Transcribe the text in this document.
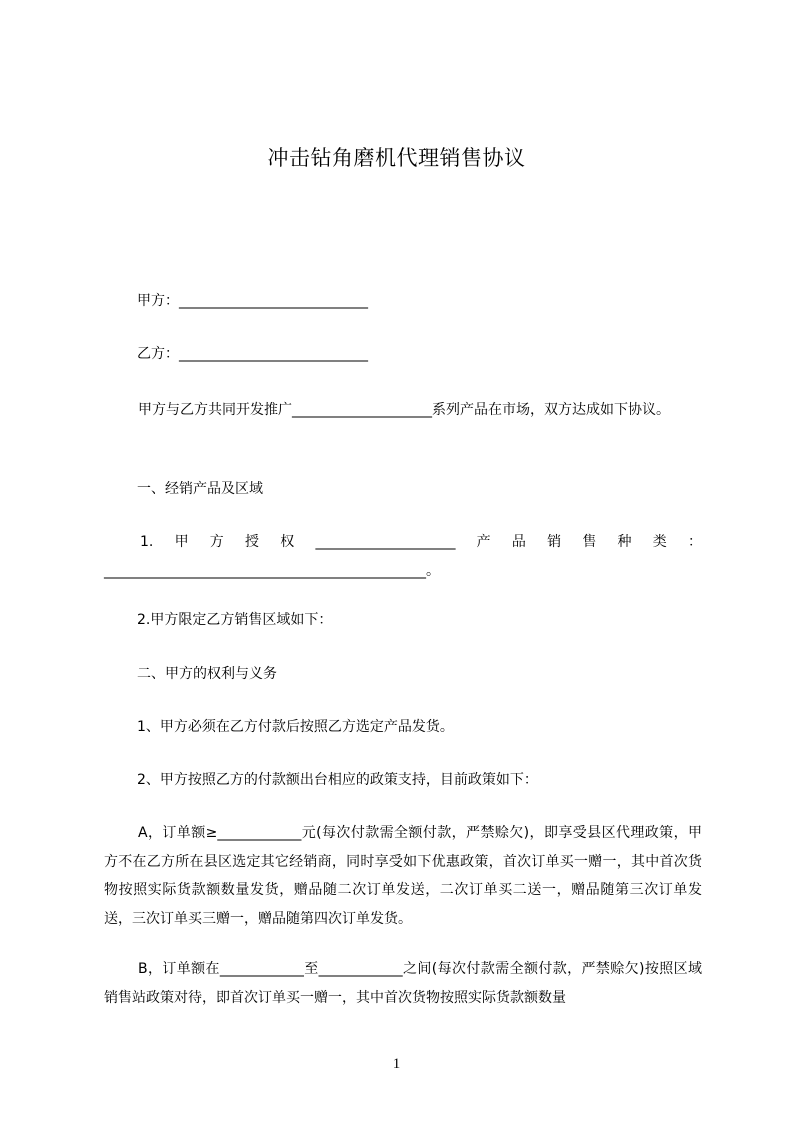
冲击钻角磨机代理销售协议
甲方：___________________________
乙方：___________________________
甲方与乙方共同开发推广____________________系列产品在市场，双方达成如下协议。
一、经销产品及区域
1.甲方授权____________________产品销售种类：______________________________________________。
2.甲方限定乙方销售区域如下：
二、甲方的权利与义务
1、甲方必须在乙方付款后按照乙方选定产品发货。
2、甲方按照乙方的付款额出台相应的政策支持，目前政策如下：
A，订单额≥____________元(每次付款需全额付款，严禁赊欠)，即享受县区代理政策，甲方不在乙方所在县区选定其它经销商，同时享受如下优惠政策，首次订单买一赠一，其中首次货物按照实际货款额数量发货，赠品随二次订单发送，二次订单买二送一，赠品随第三次订单发送，三次订单买三赠一，赠品随第四次订单发货。
B，订单额在____________至____________之间(每次付款需全额付款，严禁赊欠)按照区域销售站政策对待，即首次订单买一赠一，其中首次货物按照实际货款额数量
1
